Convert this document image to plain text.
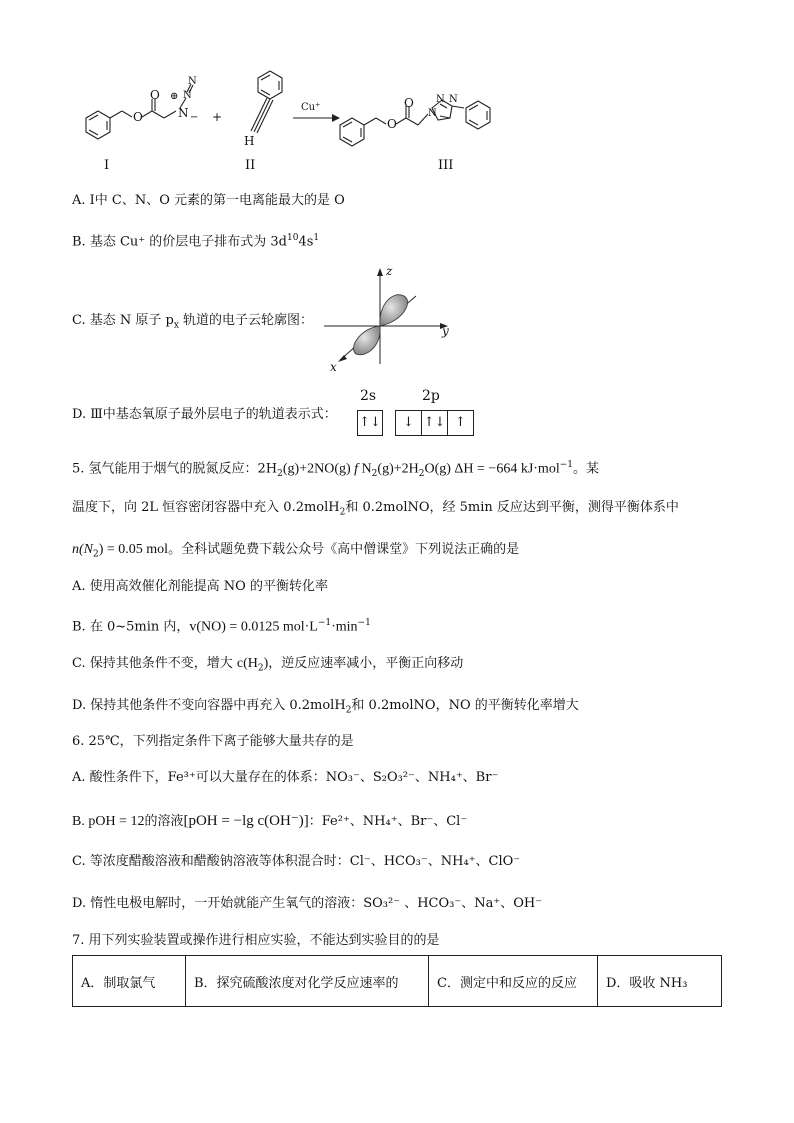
O
O
N
N
N
⊕
− +
H
Cu⁺
O
O
N
N N
I	II	III
A. Ⅰ中 C、N、O 元素的第一电离能最大的是 O
B. 基态 Cu⁺ 的价层电子排布式为 $3d^{10}4s^1$
C. 基态 N 原子 $p_x$ 轨道的电子云轮廓图：
z
y
x
D. Ⅲ中基态氧原子最外层电子的轨道表示式：
2s	2p
↑↓	↓ ↑↓ ↑
5. 氢气能用于烟气的脱氮反应：$2H_2(g)+2NO(g)$ f $N_2(g)+2H_2O(g) \Delta H = -664$ kJ·mol$^{-1}$。某
温度下，向 2L 恒容密闭容器中充入 0.2molH$_2$和 0.2molNO，经 5min 反应达到平衡，测得平衡体系中
$n(N_2) = 0.05$ mol。全科试题免费下载公众号《高中僧课堂》下列说法正确的是
A. 使用高效催化剂能提高 NO 的平衡转化率
B. 在 0~5min 内，v(NO) = 0.0125 $mol\cdot L^{-1}\cdot\min^{-1}$
C. 保持其他条件不变，增大 $c(H_2)$，逆反应速率减小，平衡正向移动
D. 保持其他条件不变向容器中再充入 0.2molH$_2$和 0.2molNO，NO 的平衡转化率增大
6. 25℃，下列指定条件下离子能够大量共存的是
A. 酸性条件下，Fe³⁺可以大量存在的体系：NO₃⁻、S₂O₃²⁻、NH₄⁺、Br⁻
B. pOH = 12的溶液[pOH = −lg c(OH⁻)]：Fe²⁺、NH₄⁺、Br⁻、Cl⁻
C. 等浓度醋酸溶液和醋酸钠溶液等体积混合时：Cl⁻、HCO₃⁻、NH₄⁺、ClO⁻
D. 惰性电极电解时，一开始就能产生氧气的溶液：SO₃²⁻ 、HCO₃⁻、Na⁺、OH⁻
7. 用下列实验装置或操作进行相应实验，不能达到实验目的的是
A．制取氯气	B．探究硫酸浓度对化学反应速率的	C．测定中和反应的反应	D．吸收 NH₃
